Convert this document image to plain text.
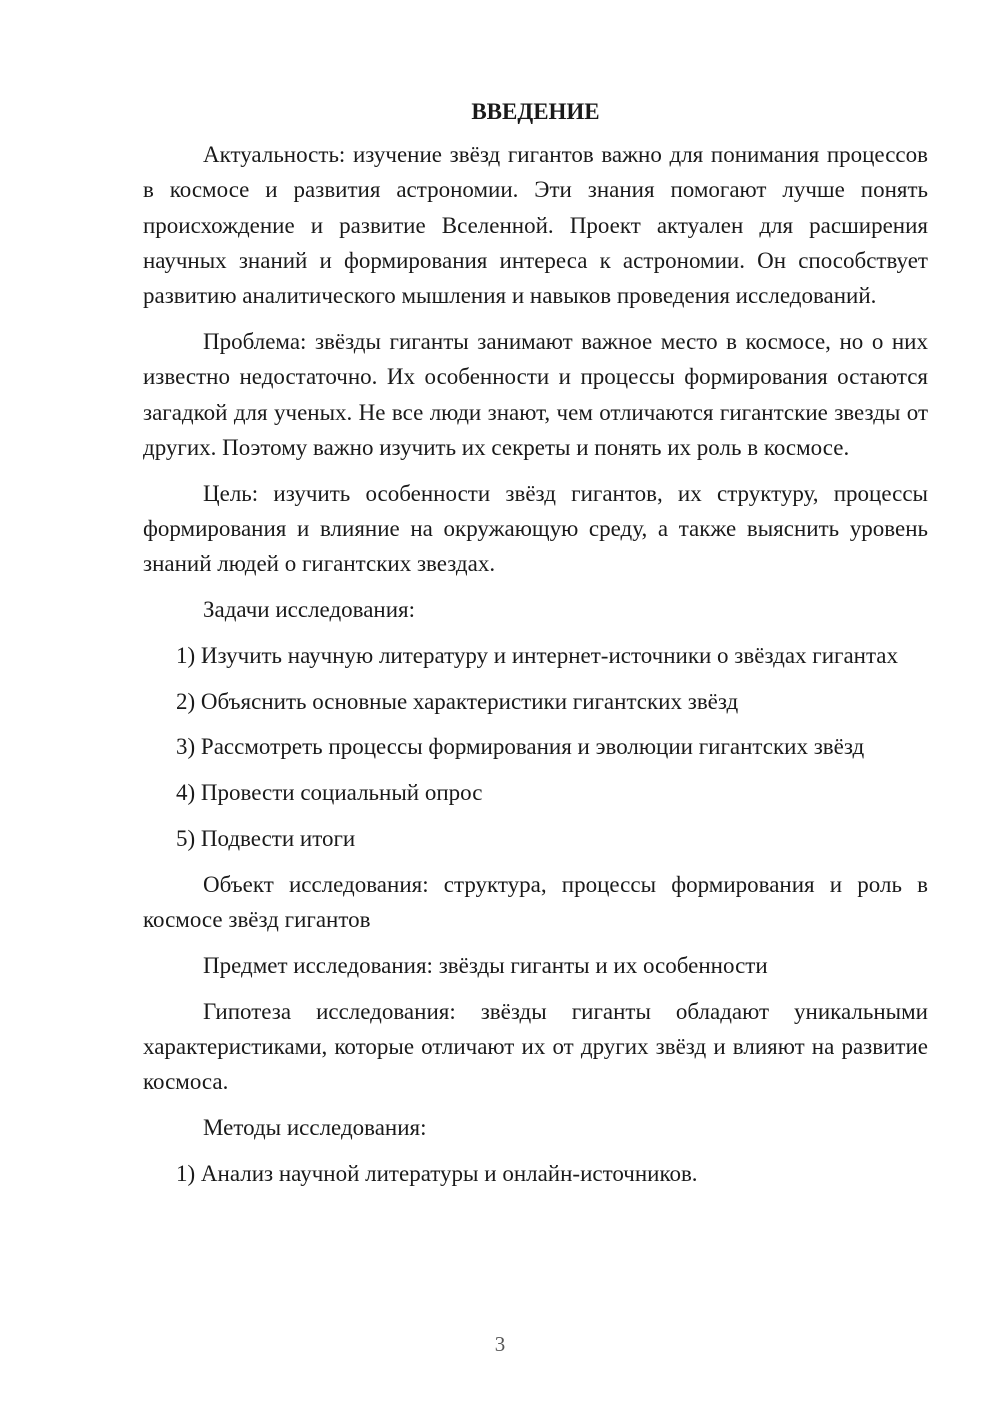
ВВЕДЕНИЕ

Актуальность: изучение звёзд гигантов важно для понимания процессов в космосе и развития астрономии. Эти знания помогают лучше понять происхождение и развитие Вселенной. Проект актуален для расширения научных знаний и формирования интереса к астрономии. Он способствует развитию аналитического мышления и навыков проведения исследований.

Проблема: звёзды гиганты занимают важное место в космосе, но о них известно недостаточно. Их особенности и процессы формирования остаются загадкой для ученых. Не все люди знают, чем отличаются гигантские звезды от других. Поэтому важно изучить их секреты и понять их роль в космосе.

Цель: изучить особенности звёзд гигантов, их структуру, процессы формирования и влияние на окружающую среду, а также выяснить уровень знаний людей о гигантских звездах.

Задачи исследования:

1) Изучить научную литературу и интернет-источники о звёздах гигантах

2) Объяснить основные характеристики гигантских звёзд

3) Рассмотреть процессы формирования и эволюции гигантских звёзд

4) Провести социальный опрос

5) Подвести итоги

Объект исследования: структура, процессы формирования и роль в космосе звёзд гигантов

Предмет исследования: звёзды гиганты и их особенности

Гипотеза исследования: звёзды гиганты обладают уникальными характеристиками, которые отличают их от других звёзд и влияют на развитие космоса.

Методы исследования:

1) Анализ научной литературы и онлайн-источников.

3
